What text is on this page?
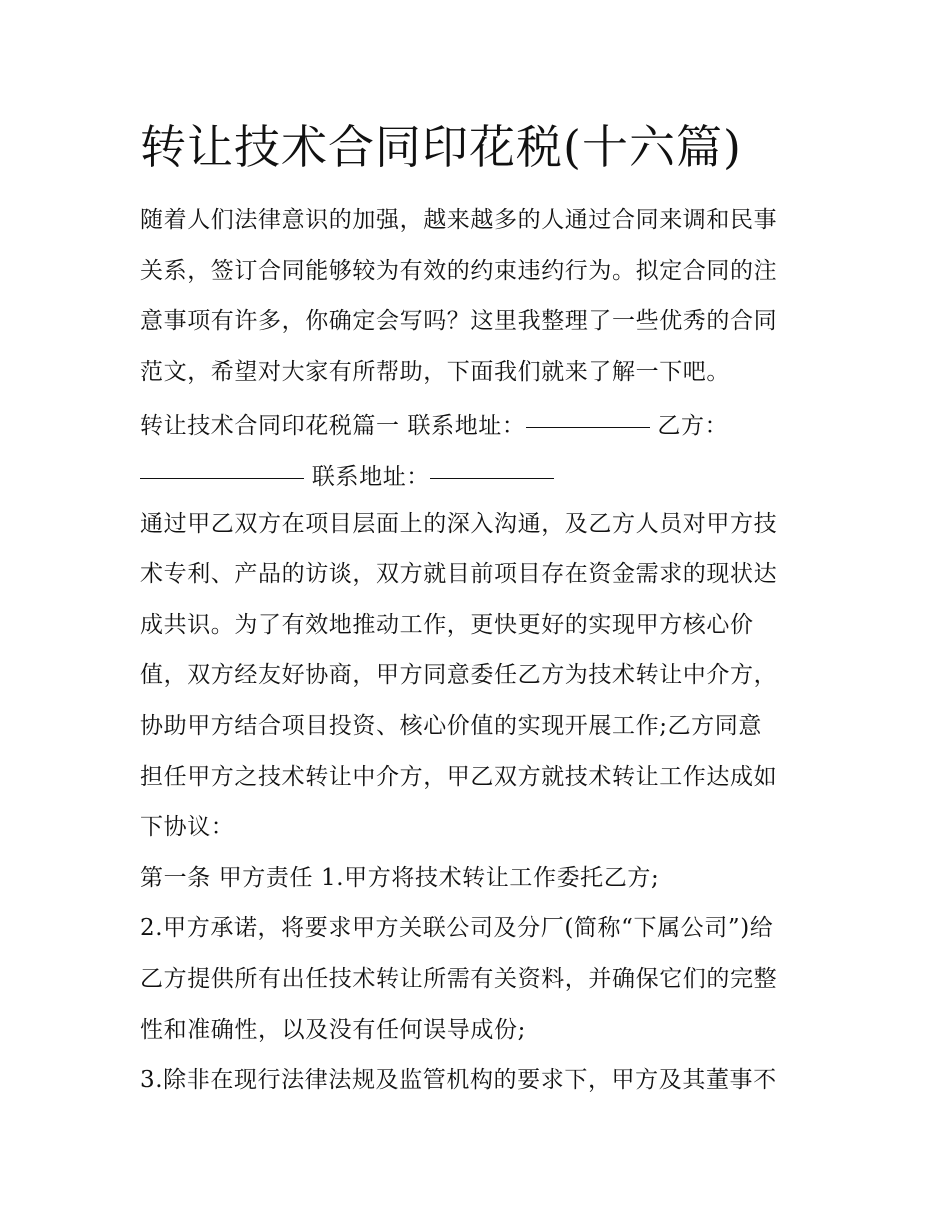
转让技术合同印花税(十六篇)
随着人们法律意识的加强，越来越多的人通过合同来调和民事
关系，签订合同能够较为有效的约束违约行为。拟定合同的注
意事项有许多，你确定会写吗？这里我整理了一些优秀的合同
范文，希望对大家有所帮助，下面我们就来了解一下吧。
转让技术合同印花税篇一 联系地址：	乙方：
联系地址：
通过甲乙双方在项目层面上的深入沟通，及乙方人员对甲方技
术专利、产品的访谈，双方就目前项目存在资金需求的现状达
成共识。为了有效地推动工作，更快更好的实现甲方核心价
值，双方经友好协商，甲方同意委任乙方为技术转让中介方，
协助甲方结合项目投资、核心价值的实现开展工作;乙方同意
担任甲方之技术转让中介方，甲乙双方就技术转让工作达成如
下协议：
第一条 甲方责任 1.甲方将技术转让工作委托乙方;
2.甲方承诺，将要求甲方关联公司及分厂(简称“下属公司”)给
乙方提供所有出任技术转让所需有关资料，并确保它们的完整
性和准确性，以及没有任何误导成份;
3.除非在现行法律法规及监管机构的要求下，甲方及其董事不
